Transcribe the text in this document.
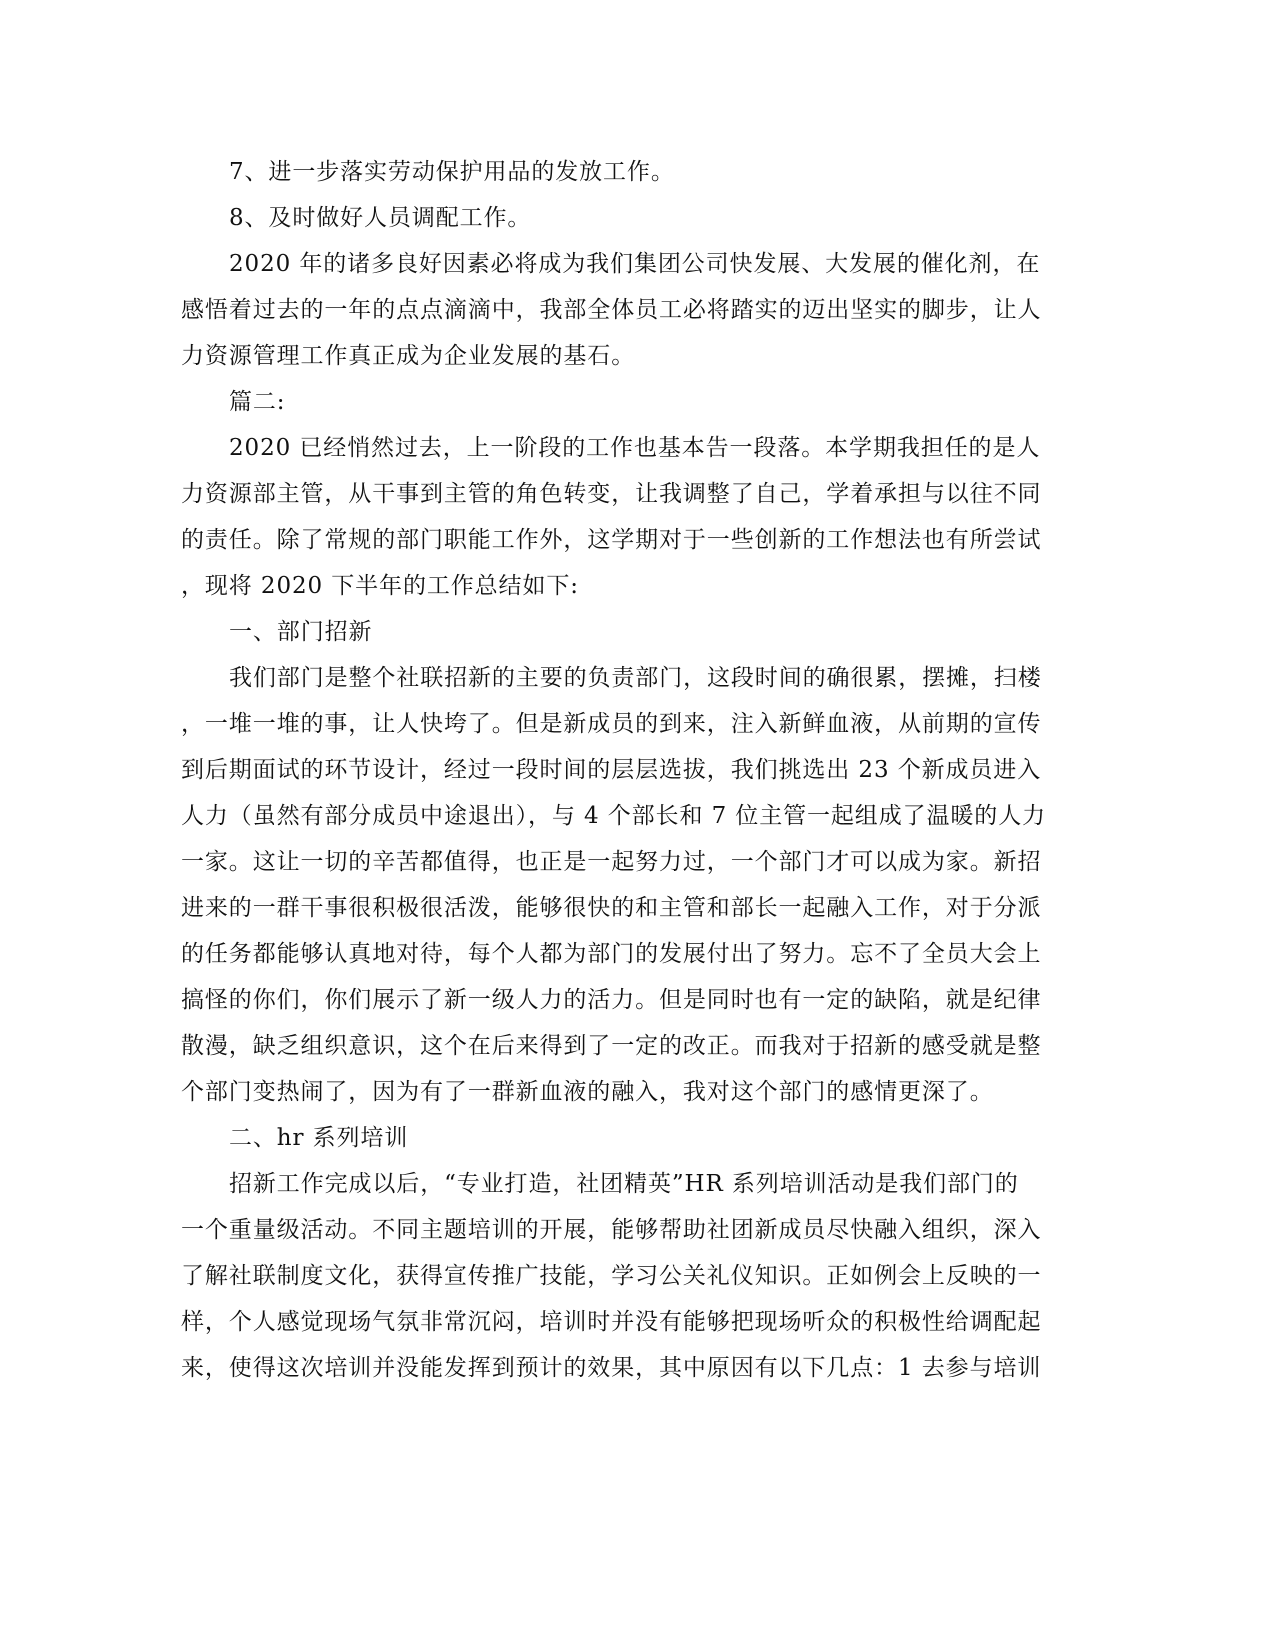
7、进一步落实劳动保护用品的发放工作。
8、及时做好人员调配工作。
2020 年的诸多良好因素必将成为我们集团公司快发展、大发展的催化剂，在
感悟着过去的一年的点点滴滴中，我部全体员工必将踏实的迈出坚实的脚步，让人
力资源管理工作真正成为企业发展的基石。
篇二:
2020 已经悄然过去，上一阶段的工作也基本告一段落。本学期我担任的是人
力资源部主管，从干事到主管的角色转变，让我调整了自己，学着承担与以往不同
的责任。除了常规的部门职能工作外，这学期对于一些创新的工作想法也有所尝试
，现将 2020 下半年的工作总结如下:
一、部门招新
我们部门是整个社联招新的主要的负责部门，这段时间的确很累，摆摊，扫楼
，一堆一堆的事，让人快垮了。但是新成员的到来，注入新鲜血液，从前期的宣传
到后期面试的环节设计，经过一段时间的层层选拔，我们挑选出 23 个新成员进入
人力（虽然有部分成员中途退出），与 4 个部长和 7 位主管一起组成了温暖的人力
一家。这让一切的辛苦都值得，也正是一起努力过，一个部门才可以成为家。新招
进来的一群干事很积极很活泼，能够很快的和主管和部长一起融入工作，对于分派
的任务都能够认真地对待，每个人都为部门的发展付出了努力。忘不了全员大会上
搞怪的你们，你们展示了新一级人力的活力。但是同时也有一定的缺陷，就是纪律
散漫，缺乏组织意识，这个在后来得到了一定的改正。而我对于招新的感受就是整
个部门变热闹了，因为有了一群新血液的融入，我对这个部门的感情更深了。
二、hr 系列培训
招新工作完成以后，“专业打造，社团精英”HR 系列培训活动是我们部门的
一个重量级活动。不同主题培训的开展，能够帮助社团新成员尽快融入组织，深入
了解社联制度文化，获得宣传推广技能，学习公关礼仪知识。正如例会上反映的一
样，个人感觉现场气氛非常沉闷，培训时并没有能够把现场听众的积极性给调配起
来，使得这次培训并没能发挥到预计的效果，其中原因有以下几点：1 去参与培训
